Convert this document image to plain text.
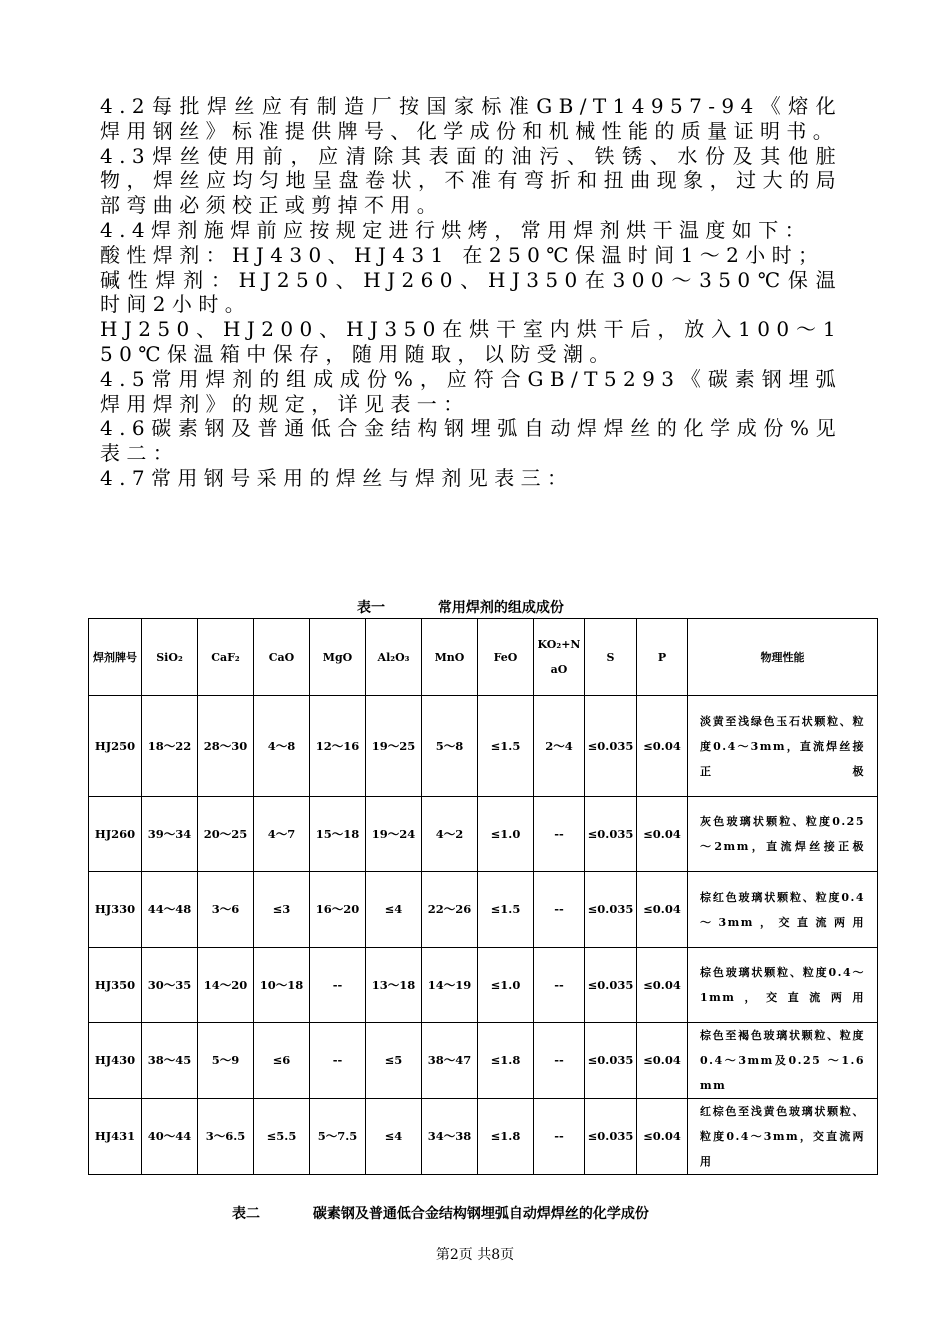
4.2每批焊丝应有制造厂按国家标准GB/T14957-94《熔化焊用钢丝》标准提供牌号、化学成份和机械性能的质量证明书。

4.3焊丝使用前，应清除其表面的油污、铁锈、水份及其他脏物，焊丝应均匀地呈盘卷状，不准有弯折和扭曲现象，过大的局部弯曲必须校正或剪掉不用。

4.4焊剂施焊前应按规定进行烘烤，常用焊剂烘干温度如下：

酸性焊剂：HJ430、HJ431 在250℃保温时间1～2小时；

碱性焊剂：HJ250、HJ260、HJ350在300～350℃保温时间2小时。

HJ250、HJ200、HJ350在烘干室内烘干后，放入100～150℃保温箱中保存，随用随取，以防受潮。

4.5常用焊剂的组成成份%，应符合GB/T5293《碳素钢埋弧焊用焊剂》的规定，详见表一：

4.6碳素钢及普通低合金结构钢埋弧自动焊焊丝的化学成份%见表二：

4.7常用钢号采用的焊丝与焊剂见表三：

表一	常用焊剂的组成成份
焊剂牌号	SiO₂	CaF₂	CaO	MgO	Al₂O₃	MnO	FeO	KO₂+NaO	S	P	物理性能
HJ250	18～22	28～30	4～8	12～16	19～25	5～8	≤1.5	2～4	≤0.035	≤0.04	淡黄至浅绿色玉石状颗粒、粒度0.4～3mm，直流焊丝接正极
HJ260	39～34	20～25	4～7	15～18	19～24	4～2	≤1.0	--	≤0.035	≤0.04	灰色玻璃状颗粒、粒度0.25 ～2mm，直流焊丝接正极
HJ330	44～48	3～6	≤3	16～20	≤4	22～26	≤1.5	--	≤0.035	≤0.04	棕红色玻璃状颗粒、粒度0.4～3mm，交直流两用
HJ350	30～35	14～20	10～18	--	13～18	14～19	≤1.0	--	≤0.035	≤0.04	棕色玻璃状颗粒、粒度0.4～1mm，交直流两用
HJ430	38～45	5～9	≤6	--	≤5	38～47	≤1.8	--	≤0.035	≤0.04	棕色至褐色玻璃状颗粒、粒度0.4～3mm及0.25 ～1.6mm
HJ431	40～44	3～6.5	≤5.5	5～7.5	≤4	34～38	≤1.8	--	≤0.035	≤0.04	红棕色至浅黄色玻璃状颗粒、粒度0.4～3mm，交直流两用
表二	碳素钢及普通低合金结构钢埋弧自动焊焊丝的化学成份
第2页 共8页
